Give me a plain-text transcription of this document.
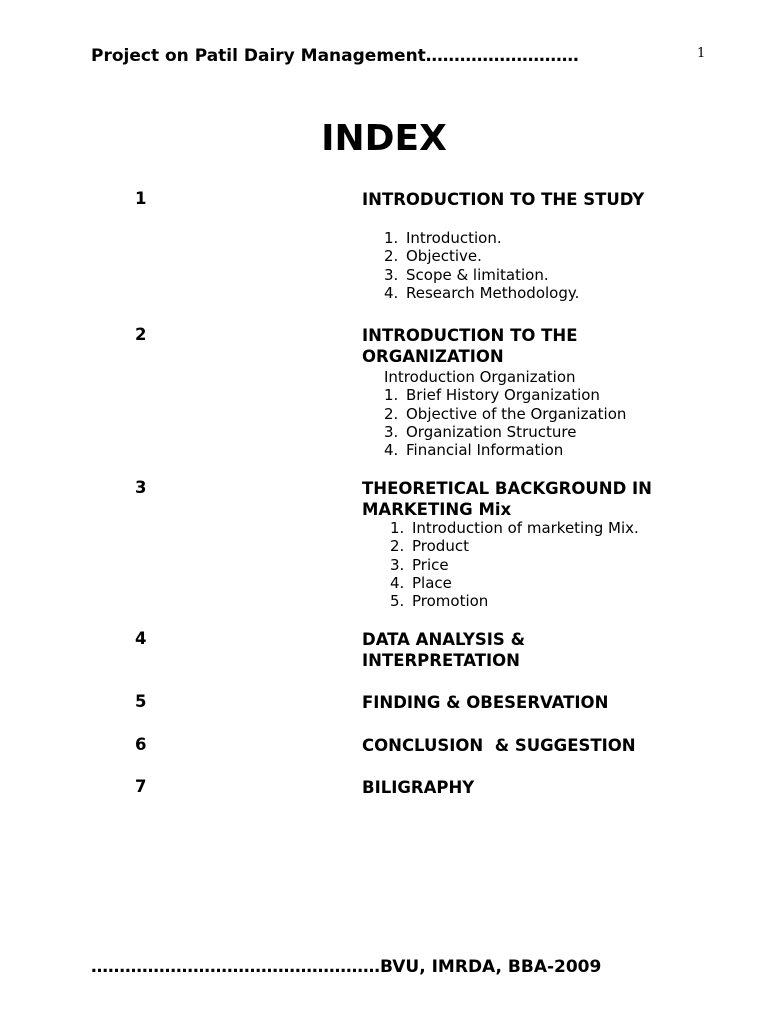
Project on Patil Dairy Management………………………	1
INDEX
1	INTRODUCTION TO THE STUDY
1. Introduction.
2. Objective.
3. Scope & limitation.
4. Research Methodology.
2	INTRODUCTION TO THE ORGANIZATION
Introduction Organization
1. Brief History Organization
2. Objective of the Organization
3. Organization Structure
4. Financial Information
3	THEORETICAL BACKGROUND IN MARKETING Mix
1. Introduction of marketing Mix.
2. Product
3. Price
4. Place
5. Promotion
4	DATA ANALYSIS & INTERPRETATION
5	FINDING & OBESERVATION
6	CONCLUSION  & SUGGESTION
7	BILIGRAPHY
……………………………………………BVU, IMRDA, BBA-2009
